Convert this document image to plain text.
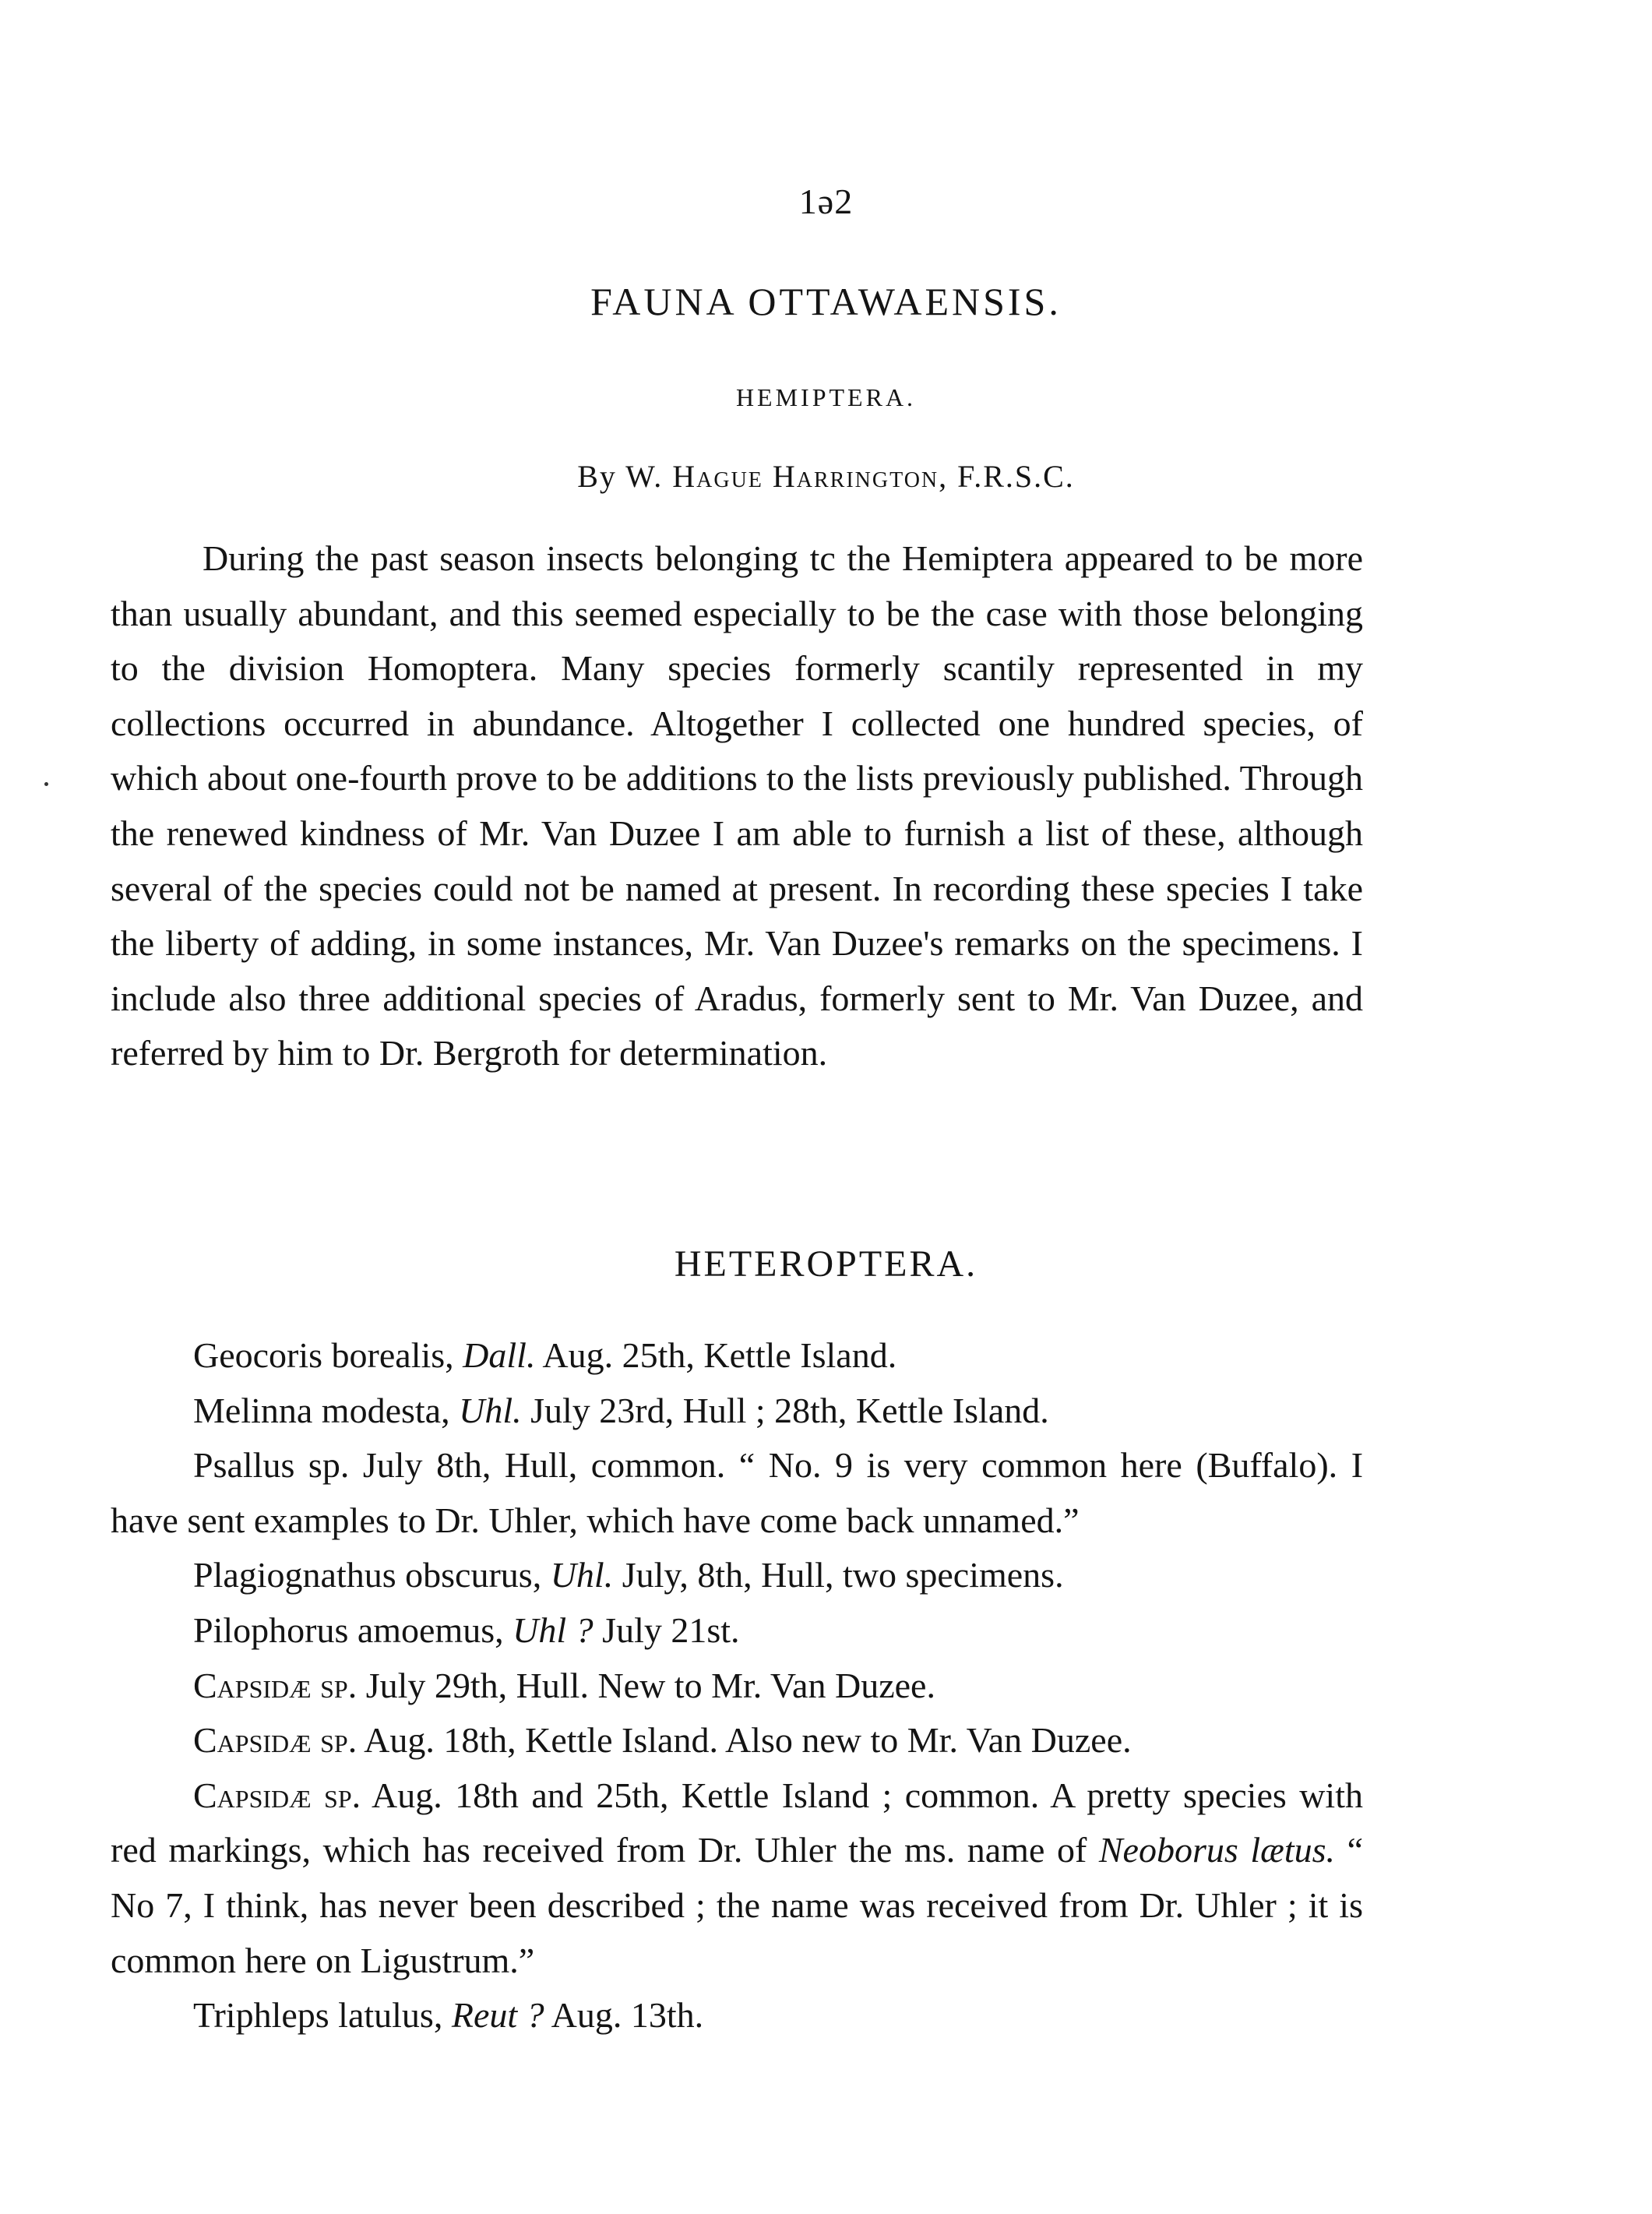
1ə2

FAUNA OTTAWAENSIS.
HEMIPTERA.

By W. Hague Harrington, F.R.S.C.

During the past season insects belonging tc the Hemiptera appeared to be more than usually abundant, and this seemed especially to be the case with those belonging to the division Homoptera. Many species formerly scantily represented in my collections occurred in abundance. Altogether I collected one hundred species, of which about one-fourth prove to be additions to the lists previously published. Through the renewed kindness of Mr. Van Duzee I am able to furnish a list of these, although several of the species could not be named at present. In recording these species I take the liberty of adding, in some instances, Mr. Van Duzee's remarks on the specimens. I include also three additional species of Aradus, formerly sent to Mr. Van Duzee, and referred by him to Dr. Bergroth for determination.

HETEROPTERA.

Geocoris borealis, Dall. Aug. 25th, Kettle Island.

Melinna modesta, Uhl. July 23rd, Hull ; 28th, Kettle Island.

Psallus sp. July 8th, Hull, common. “ No. 9 is very common here (Buffalo). I have sent examples to Dr. Uhler, which have come back unnamed.”

Plagiognathus obscurus, Uhl. July, 8th, Hull, two specimens.

Pilophorus amoemus, Uhl ? July 21st.

Capsidæ sp. July 29th, Hull. New to Mr. Van Duzee.

Capsidæ sp. Aug. 18th, Kettle Island. Also new to Mr. Van Duzee.

Capsidæ sp. Aug. 18th and 25th, Kettle Island ; common. A pretty species with red markings, which has received from Dr. Uhler the ms. name of Neoborus lætus. “ No 7, I think, has never been described ; the name was received from Dr. Uhler ; it is common here on Ligustrum.”

Triphleps latulus, Reut ? Aug. 13th.
